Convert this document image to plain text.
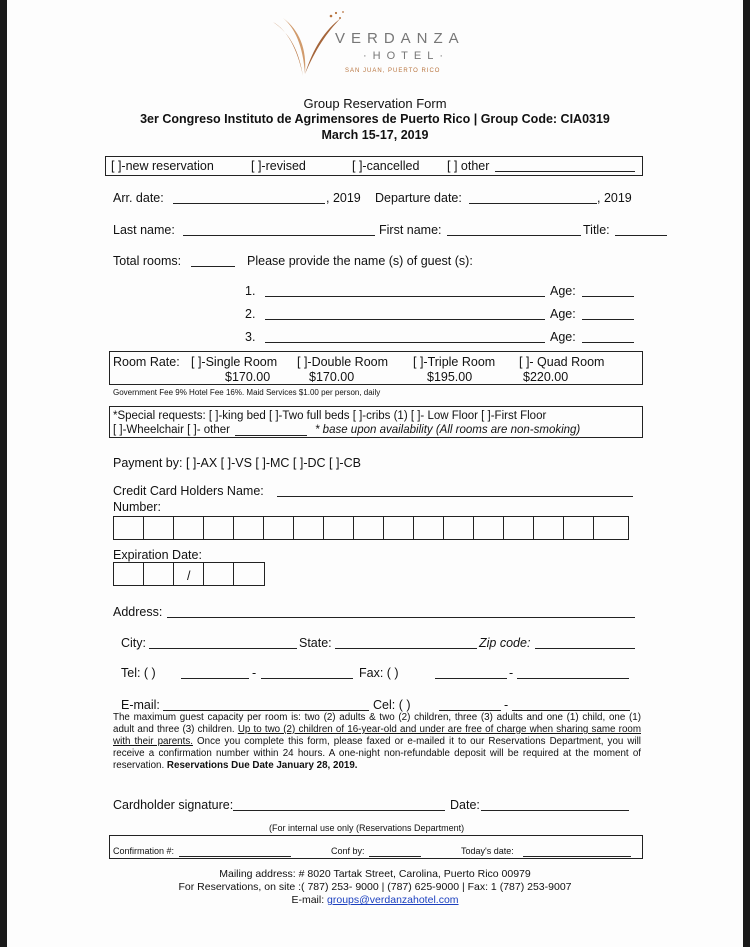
VERDANZA
·HOTEL·
SAN JUAN, PUERTO RICO
Group Reservation Form
3er Congreso Instituto de Agrimensores de Puerto Rico | Group Code: CIA0319
March 15-17, 2019
[ ]-new reservation	[ ]-revised	[ ]-cancelled [ ] other
Arr. date:	, 2019 Departure date:	, 2019
Last name:	First name:	Title:
Total rooms:	Please provide the name (s) of guest (s):
1.	Age:
2.	Age:
3.	Age:
Room Rate: [ ]-Single Room [ ]-Double Room [ ]-Triple Room [ ]- Quad Room
$170.00	$170.00	$195.00	$220.00
Government Fee 9% Hotel Fee 16%. Maid Services $1.00 per person, daily
*Special requests: [ ]-king bed [ ]-Two full beds [ ]-cribs (1) [ ]- Low Floor [ ]-First Floor
[ ]-Wheelchair [ ]- other	* base upon availability (All rooms are non-smoking)
Payment by: [ ]-AX [ ]-VS [ ]-MC [ ]-DC [ ]-CB
Credit Card Holders Name:
Number:
Expiration Date:
/
Address:
City:	State:	Zip code:
Tel: ( )	-	Fax: ( )	-
E-mail:	Cel: ( )	-
The maximum guest capacity per room is: two (2) adults & two (2) children, three (3) adults and one (1) child, one (1) adult and three (3) children. Up to two (2) children of 16-year-old and under are free of charge when sharing same room with their parents. Once you complete this form, please faxed or e-mailed it to our Reservations Department, you will receive a confirmation number within 24 hours. A one-night non-refundable deposit will be required at the moment of reservation. Reservations Due Date January 28, 2019.
Cardholder signature:	Date:
(For internal use only (Reservations Department)
Confirmation #:	Conf by:	Today's date:
Mailing address: # 8020 Tartak Street, Carolina, Puerto Rico 00979
For Reservations, on site :( 787) 253- 9000 | (787) 625-9000 | Fax: 1 (787) 253-9007
E-mail: groups@verdanzahotel.com
